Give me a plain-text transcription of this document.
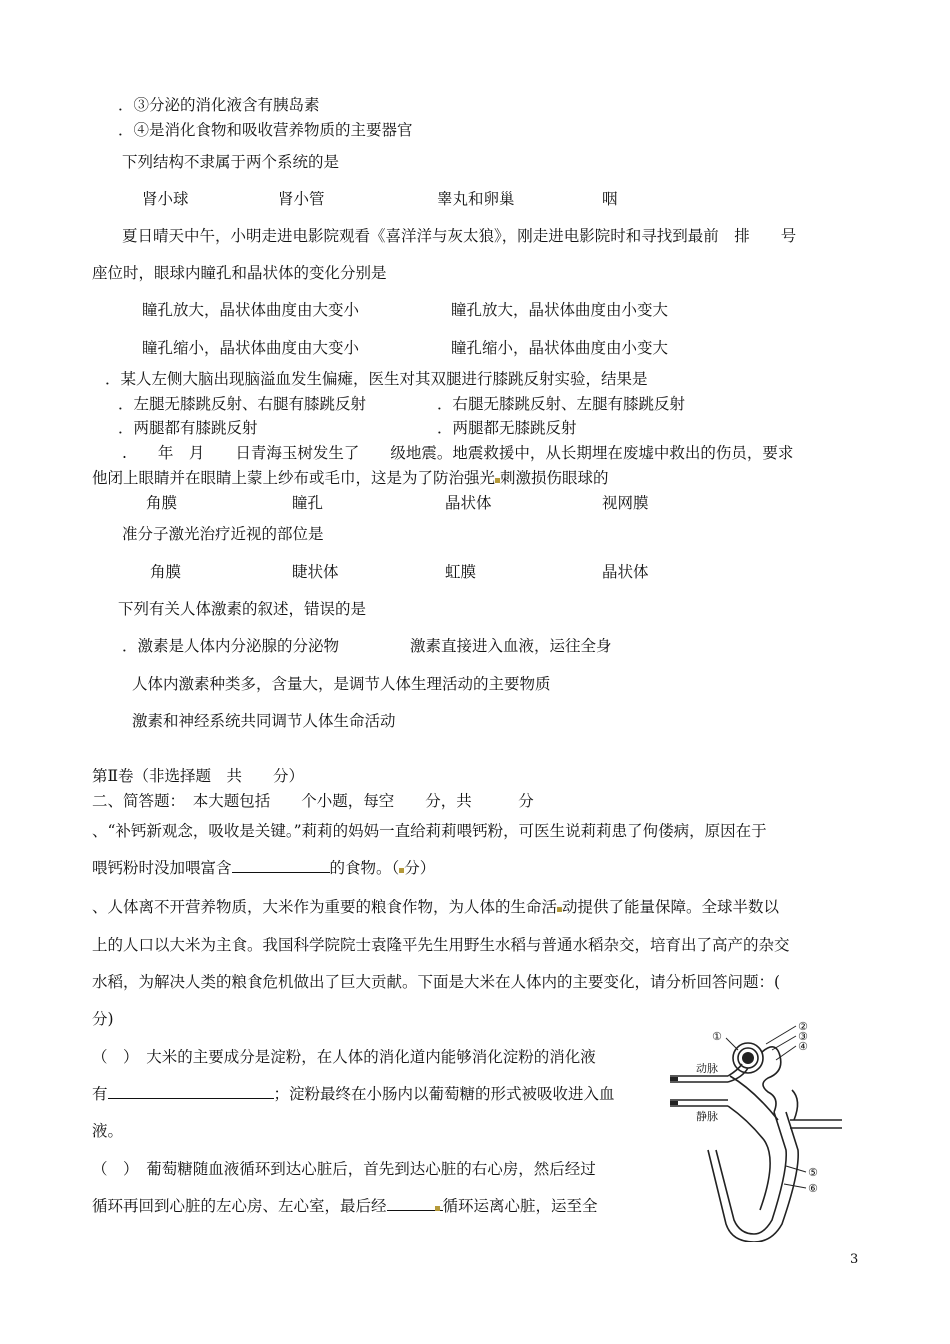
．③分泌的消化液含有胰岛素
．④是消化食物和吸收营养物质的主要器官
下列结构不隶属于两个系统的是
肾小球	肾小管	睾丸和卵巢	咽
夏日晴天中午，小明走进电影院观看《喜洋洋与灰太狼》，刚走进电影院时和寻找到最前　排　　号
座位时，眼球内瞳孔和晶状体的变化分别是
瞳孔放大，晶状体曲度由大变小	瞳孔放大，晶状体曲度由小变大
瞳孔缩小，晶状体曲度由大变小	瞳孔缩小，晶状体曲度由小变大
．某人左侧大脑出现脑溢血发生偏瘫，医生对其双腿进行膝跳反射实验，结果是
．左腿无膝跳反射、右腿有膝跳反射	．右腿无膝跳反射、左腿有膝跳反射
．两腿都有膝跳反射	．两腿都无膝跳反射
.　　年　月　　日青海玉树发生了　　级地震。地震救援中，从长期埋在废墟中救出的伤员，要求
他闭上眼睛并在眼睛上蒙上纱布或毛巾，这是为了防治强光 刺激损伤眼球的
角膜	瞳孔	晶状体	视网膜
准分子激光治疗近视的部位是
角膜	睫状体	虹膜	晶状体
下列有关人体激素的叙述，错误的是
．激素是人体内分泌腺的分泌物	激素直接进入血液，运往全身
人体内激素种类多，含量大，是调节人体生理活动的主要物质
激素和神经系统共同调节人体生命活动
第Ⅱ卷（非选择题　共　　分）
二、简答题：　本大题包括　　个小题，每空　　分，共　　　分
、“补钙新观念，吸收是关键。”莉莉的妈妈一直给莉莉喂钙粉，可医生说莉莉患了佝偻病，原因在于
喂钙粉时没加喂富含	的食物。（ 分）
、人体离不开营养物质，大米作为重要的粮食作物，为人体的生命活 动提供了能量保障。全球半数以
上的人口以大米为主食。我国科学院院士袁隆平先生用野生水稻与普通水稻杂交，培育出了高产的杂交
水稻，为解决人类的粮食危机做出了巨大贡献。下面是大米在人体内的主要变化，请分析回答问题：(
分)
（　）　大米的主要成分是淀粉，在人体的消化道内能够消化淀粉的消化液
有	；淀粉最终在小肠内以葡萄糖的形式被吸收进入血
液。
（　）　葡萄糖随血液循环到达心脏后，首先到达心脏的右心房，然后经过
循环再回到心脏的左心房、左心室，最后经	循环运离心脏，运至全
动脉
静脉
①
②
③
④
⑤
⑥
3
